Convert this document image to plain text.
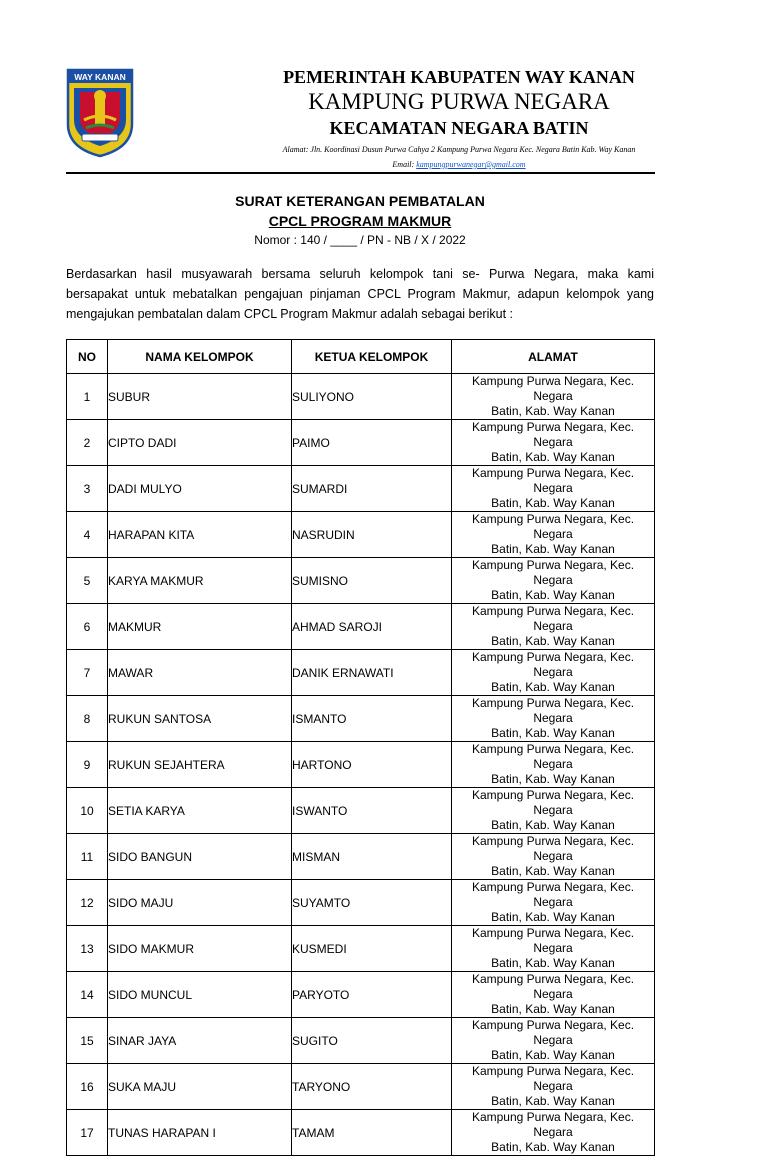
WAY KANAN	PEMERINTAH KABUPATEN WAY KANAN
KAMPUNG PURWA NEGARA
KECAMATAN NEGARA BATIN
Alamat: Jln. Koordinasi Dusun Purwa Cahya 2 Kampung Purwa Negara Kec. Negara Batin Kab. Way Kanan
Email: kampungpurwanegar@gmail.com
SURAT KETERANGAN PEMBATALAN
CPCL PROGRAM MAKMUR
Nomor : 140 / ____ / PN - NB / X / 2022
Berdasarkan hasil musyawarah bersama seluruh kelompok tani se- Purwa Negara, maka kami bersapakat untuk mebatalkan pengajuan pinjaman CPCL Program Makmur, adapun kelompok yang mengajukan pembatalan dalam CPCL Program Makmur adalah sebagai berikut :
NO	NAMA KELOMPOK	KETUA KELOMPOK	ALAMAT
1	SUBUR	SULIYONO	Kampung Purwa Negara, Kec. Negara
Batin, Kab. Way Kanan

2	CIPTO DADI	PAIMO	Kampung Purwa Negara, Kec. Negara
Batin, Kab. Way Kanan

3	DADI MULYO	SUMARDI	Kampung Purwa Negara, Kec. Negara
Batin, Kab. Way Kanan

4	HARAPAN KITA	NASRUDIN	Kampung Purwa Negara, Kec. Negara
Batin, Kab. Way Kanan

5	KARYA MAKMUR	SUMISNO	Kampung Purwa Negara, Kec. Negara
Batin, Kab. Way Kanan

6	MAKMUR	AHMAD SAROJI	Kampung Purwa Negara, Kec. Negara
Batin, Kab. Way Kanan

7	MAWAR	DANIK ERNAWATI	Kampung Purwa Negara, Kec. Negara
Batin, Kab. Way Kanan

8	RUKUN SANTOSA	ISMANTO	Kampung Purwa Negara, Kec. Negara
Batin, Kab. Way Kanan

9	RUKUN SEJAHTERA	HARTONO	Kampung Purwa Negara, Kec. Negara
Batin, Kab. Way Kanan

10	SETIA KARYA	ISWANTO	Kampung Purwa Negara, Kec. Negara
Batin, Kab. Way Kanan

11	SIDO BANGUN	MISMAN	Kampung Purwa Negara, Kec. Negara
Batin, Kab. Way Kanan

12	SIDO MAJU	SUYAMTO	Kampung Purwa Negara, Kec. Negara
Batin, Kab. Way Kanan

13	SIDO MAKMUR	KUSMEDI	Kampung Purwa Negara, Kec. Negara
Batin, Kab. Way Kanan

14	SIDO MUNCUL	PARYOTO	Kampung Purwa Negara, Kec. Negara
Batin, Kab. Way Kanan

15	SINAR JAYA	SUGITO	Kampung Purwa Negara, Kec. Negara
Batin, Kab. Way Kanan

16	SUKA MAJU	TARYONO	Kampung Purwa Negara, Kec. Negara
Batin, Kab. Way Kanan

17	TUNAS HARAPAN I	TAMAM	Kampung Purwa Negara, Kec. Negara
Batin, Kab. Way Kanan
